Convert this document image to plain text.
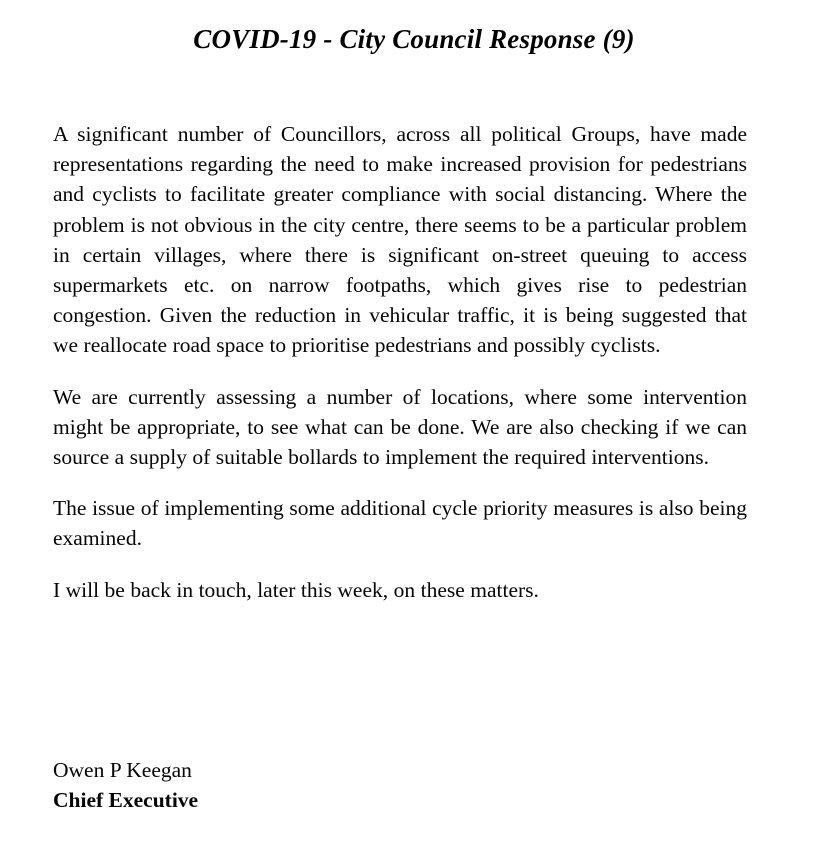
COVID-19 - City Council Response (9)

A significant number of Councillors, across all political Groups, have made representations regarding the need to make increased provision for pedestrians and cyclists to facilitate greater compliance with social distancing. Where the problem is not obvious in the city centre, there seems to be a particular problem in certain villages, where there is significant on-street queuing to access supermarkets etc. on narrow footpaths, which gives rise to pedestrian congestion. Given the reduction in vehicular traffic, it is being suggested that we reallocate road space to prioritise pedestrians and possibly cyclists.

We are currently assessing a number of locations, where some intervention might be appropriate, to see what can be done. We are also checking if we can source a supply of suitable bollards to implement the required interventions.

The issue of implementing some additional cycle priority measures is also being examined.

I will be back in touch, later this week, on these matters.

Owen P Keegan
Chief Executive
